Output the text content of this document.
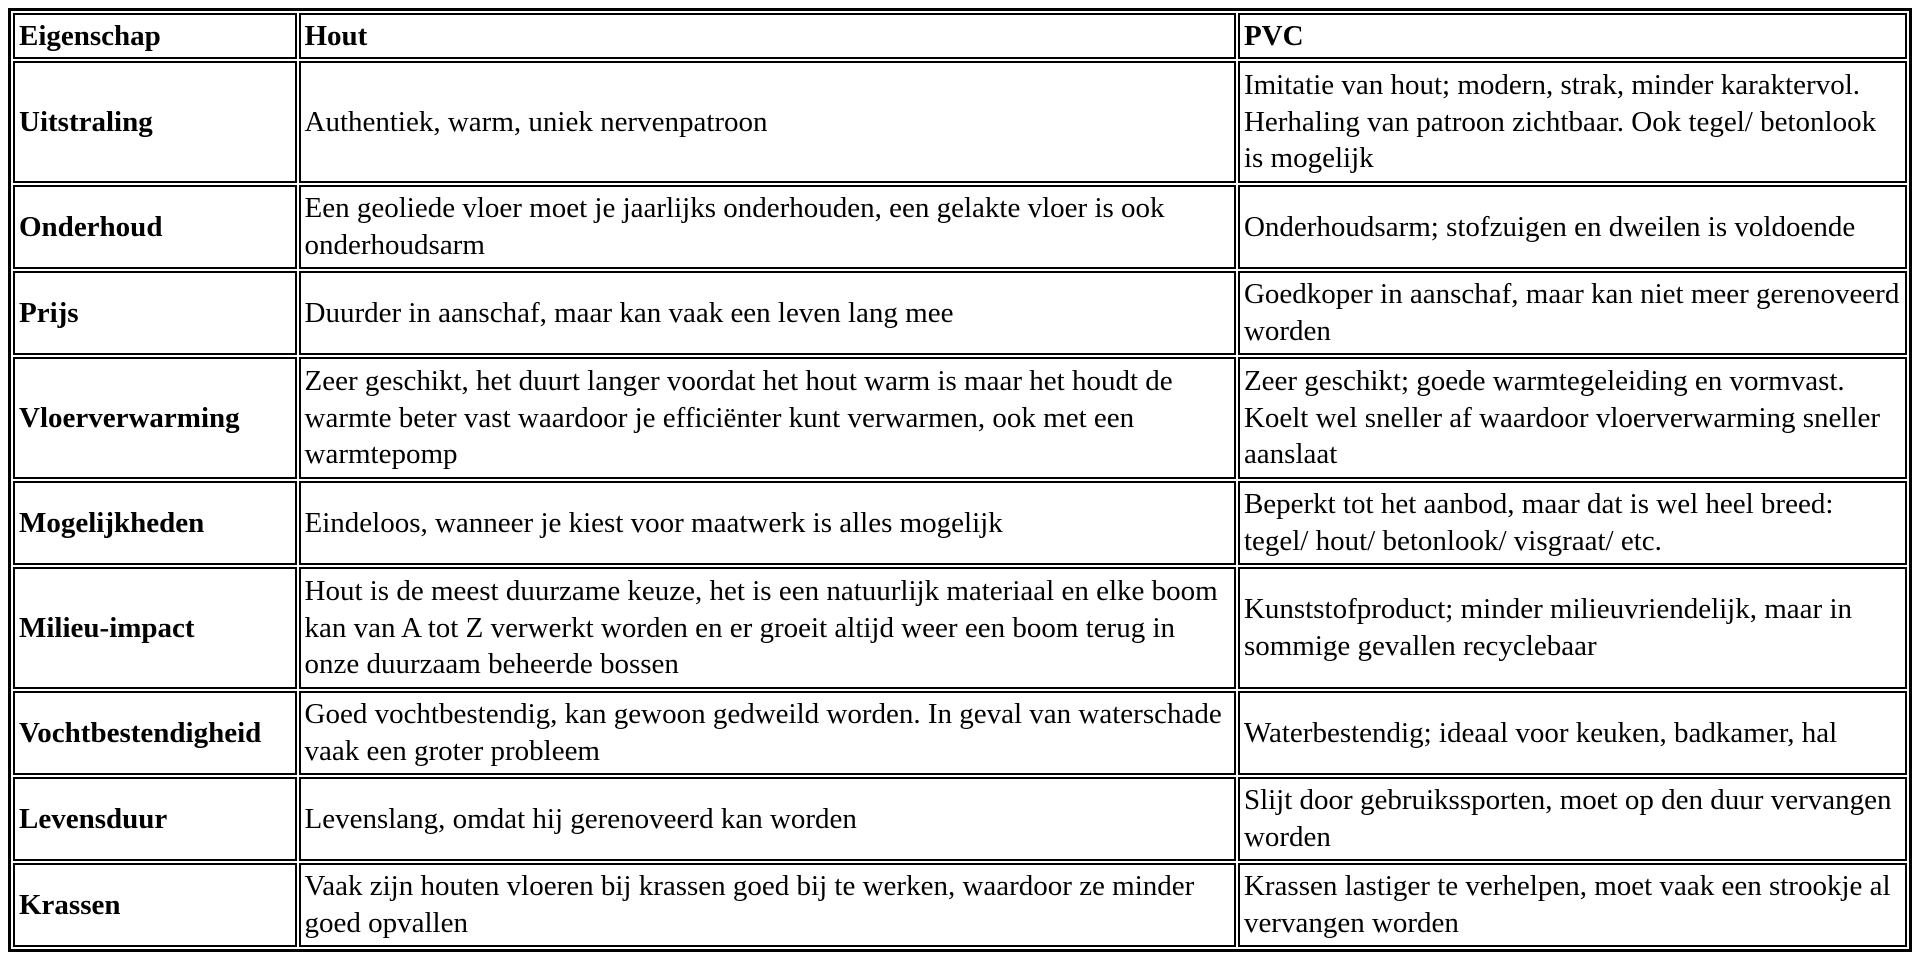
Eigenschap	Hout	PVC
Uitstraling	Authentiek, warm, uniek nervenpatroon	Imitatie van hout; modern, strak, minder karaktervol. Herhaling van patroon zichtbaar. Ook tegel/ betonlook is mogelijk
Onderhoud	Een geoliede vloer moet je jaarlijks onderhouden, een gelakte vloer is ook onderhoudsarm	Onderhoudsarm; stofzuigen en dweilen is voldoende
Prijs	Duurder in aanschaf, maar kan vaak een leven lang mee	Goedkoper in aanschaf, maar kan niet meer gerenoveerd worden
Vloerverwarming	Zeer geschikt, het duurt langer voordat het hout warm is maar het houdt de warmte beter vast waardoor je efficiënter kunt verwarmen, ook met een warmtepomp	Zeer geschikt; goede warmtegeleiding en vormvast. Koelt wel sneller af waardoor vloerverwarming sneller aanslaat
Mogelijkheden	Eindeloos, wanneer je kiest voor maatwerk is alles mogelijk	Beperkt tot het aanbod, maar dat is wel heel breed: tegel/ hout/ betonlook/ visgraat/ etc.
Milieu-impact	Hout is de meest duurzame keuze, het is een natuurlijk materiaal en elke boom kan van A tot Z verwerkt worden en er groeit altijd weer een boom terug in onze duurzaam beheerde bossen	Kunststofproduct; minder milieuvriendelijk, maar in sommige gevallen recyclebaar
Vochtbestendigheid	Goed vochtbestendig, kan gewoon gedweild worden. In geval van waterschade vaak een groter probleem	Waterbestendig; ideaal voor keuken, badkamer, hal
Levensduur	Levenslang, omdat hij gerenoveerd kan worden	Slijt door gebruikssporten, moet op den duur vervangen worden
Krassen	Vaak zijn houten vloeren bij krassen goed bij te werken, waardoor ze minder goed opvallen	Krassen lastiger te verhelpen, moet vaak een strookje al vervangen worden
